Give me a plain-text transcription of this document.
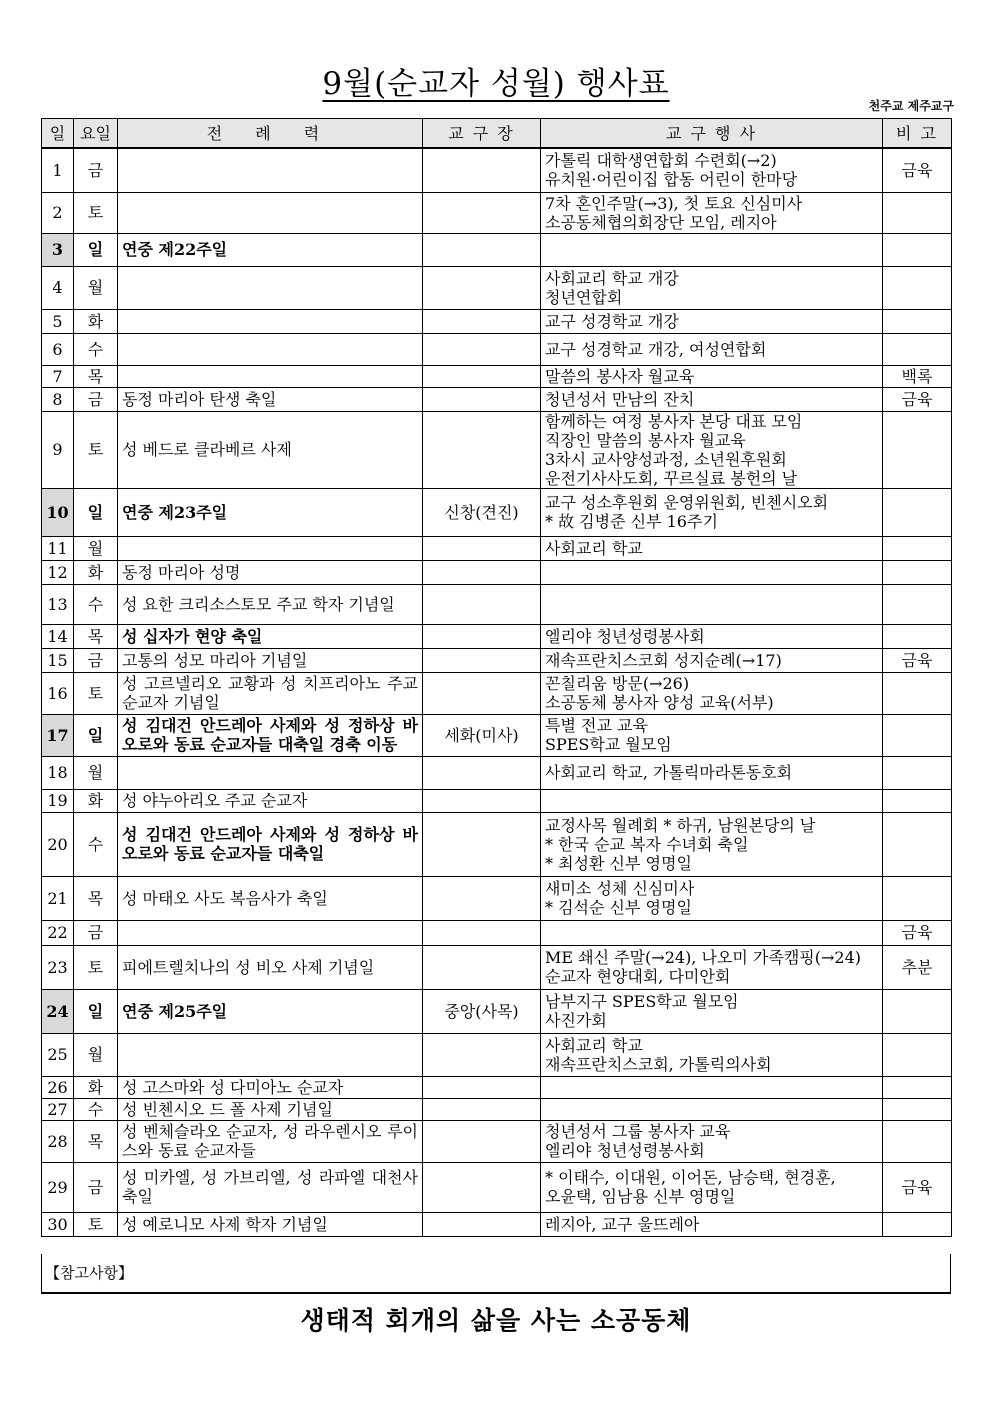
9월(순교자 성월) 행사표
천주교 제주교구
일	요일	전 례 력	교 구 장	교 구 행 사	비 고
1	금			가톨릭 대학생연합회 수련회(→2)
유치원·어린이집 합동 어린이 한마당	금육
2	토			7차 혼인주말(→3), 첫 토요 신심미사
소공동체협의회장단 모임, 레지아	

3	일	연중 제22주일			

4	월			사회교리 학교 개강
청년연합회	

5	화			교구 성경학교 개강	

6	수			교구 성경학교 개강, 여성연합회	

7	목			말씀의 봉사자 월교육	백록
8	금	동정 마리아 탄생 축일		청년성서 만남의 잔치	금육
9	토	성 베드로 클라베르 사제		함께하는 여정 봉사자 본당 대표 모임
직장인 말씀의 봉사자 월교육
3차시 교사양성과정, 소년원후원회
운전기사사도회, 꾸르실료 봉헌의 날	

10	일	연중 제23주일	신창(견진)	교구 성소후원회 운영위원회, 빈첸시오회
* 故 김병준 신부 16주기	

11	월			사회교리 학교	

12	화	동정 마리아 성명			

13	수	성 요한 크리소스토모 주교 학자 기념일			

14	목	성 십자가 현양 축일		엘리야 청년성령봉사회	

15	금	고통의 성모 마리아 기념일		재속프란치스코회 성지순례(→17)	금육
16	토	성 고르넬리오 교황과 성 치프리아노 주교 순교자 기념일		꼰칠리움 방문(→26)
소공동체 봉사자 양성 교육(서부)	

17	일	성 김대건 안드레아 사제와 성 정하상 바오로와 동료 순교자들 대축일 경축 이동	세화(미사)	특별 전교 교육
SPES학교 월모임	

18	월			사회교리 학교, 가톨릭마라톤동호회	

19	화	성 야누아리오 주교 순교자			

20	수	성 김대건 안드레아 사제와 성 정하상 바오로와 동료 순교자들 대축일		교정사목 월례회 * 하귀, 남원본당의 날
* 한국 순교 복자 수녀회 축일
* 최성환 신부 영명일	

21	목	성 마태오 사도 복음사가 축일		새미소 성체 신심미사
* 김석순 신부 영명일	

22	금				금육
23	토	피에트렐치나의 성 비오 사제 기념일		ME 쇄신 주말(→24), 나오미 가족캠핑(→24)
순교자 현양대회, 다미안회	추분
24	일	연중 제25주일	중앙(사목)	남부지구 SPES학교 월모임
사진가회	

25	월			사회교리 학교
재속프란치스코회, 가톨릭의사회	

26	화	성 고스마와 성 다미아노 순교자			

27	수	성 빈첸시오 드 폴 사제 기념일			

28	목	성 벤체슬라오 순교자, 성 라우렌시오 루이스와 동료 순교자들		청년성서 그룹 봉사자 교육
엘리야 청년성령봉사회	

29	금	성 미카엘, 성 가브리엘, 성 라파엘 대천사 축일		* 이태수, 이대원, 이어돈, 남승택, 현경훈,
오윤택, 임남용 신부 영명일	금육
30	토	성 예로니모 사제 학자 기념일		레지아, 교구 울뜨레아	

【참고사항】
생태적 회개의 삶을 사는 소공동체
